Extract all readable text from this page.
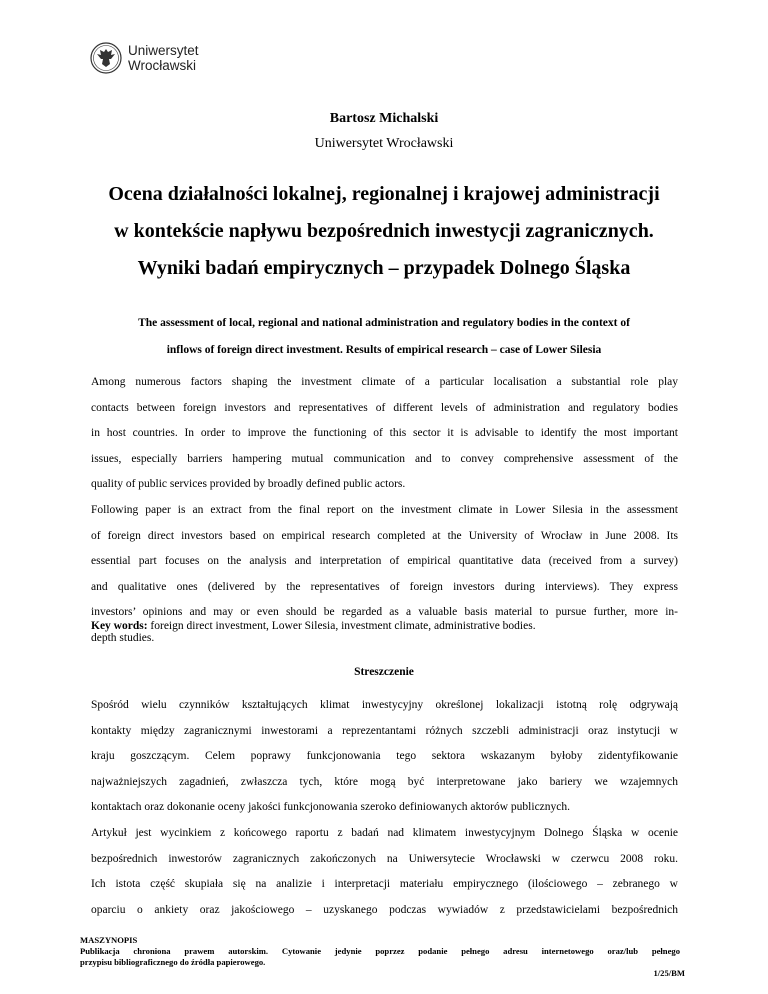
Uniwersytet
Wrocławski
Bartosz Michalski
Uniwersytet Wrocławski
Ocena działalności lokalnej, regionalnej i krajowej administracji
w kontekście napływu bezpośrednich inwestycji zagranicznych.
Wyniki badań empirycznych – przypadek Dolnego Śląska
The assessment of local, regional and national administration and regulatory bodies in the context of
inflows of foreign direct investment. Results of empirical research – case of Lower Silesia
Among numerous factors shaping the investment climate of a particular localisation a substantial role play
contacts between foreign investors and representatives of different levels of administration and regulatory bodies
in host countries. In order to improve the functioning of this sector it is advisable to identify the most important
issues, especially barriers hampering mutual communication and to convey comprehensive assessment of the
quality of public services provided by broadly defined public actors.
Following paper is an extract from the final report on the investment climate in Lower Silesia in the assessment
of foreign direct investors based on empirical research completed at the University of Wrocław in June 2008. Its
essential part focuses on the analysis and interpretation of empirical quantitative data (received from a survey)
and qualitative ones (delivered by the representatives of foreign investors during interviews). They express
investors’ opinions and may or even should be regarded as a valuable basis material to pursue further, more in-
depth studies.
Key words: foreign direct investment, Lower Silesia, investment climate, administrative bodies.
Streszczenie
Spośród wielu czynników kształtujących klimat inwestycyjny określonej lokalizacji istotną rolę odgrywają
kontakty między zagranicznymi inwestorami a reprezentantami różnych szczebli administracji oraz instytucji w
kraju goszczącym. Celem poprawy funkcjonowania tego sektora wskazanym byłoby zidentyfikowanie
najważniejszych zagadnień, zwłaszcza tych, które mogą być interpretowane jako bariery we wzajemnych
kontaktach oraz dokonanie oceny jakości funkcjonowania szeroko definiowanych aktorów publicznych.
Artykuł jest wycinkiem z końcowego raportu z badań nad klimatem inwestycyjnym Dolnego Śląska w ocenie
bezpośrednich inwestorów zagranicznych zakończonych na Uniwersytecie Wrocławski w czerwcu 2008 roku.
Ich istota część skupiała się na analizie i interpretacji materiału empirycznego (ilościowego – zebranego w
oparciu o ankiety oraz jakościowego – uzyskanego podczas wywiadów z przedstawicielami bezpośrednich
MASZYNOPIS
Publikacja chroniona prawem autorskim. Cytowanie jedynie poprzez podanie pełnego adresu internetowego oraz/lub pełnego
przypisu bibliograficznego do źródła papierowego.
1/25/BM
